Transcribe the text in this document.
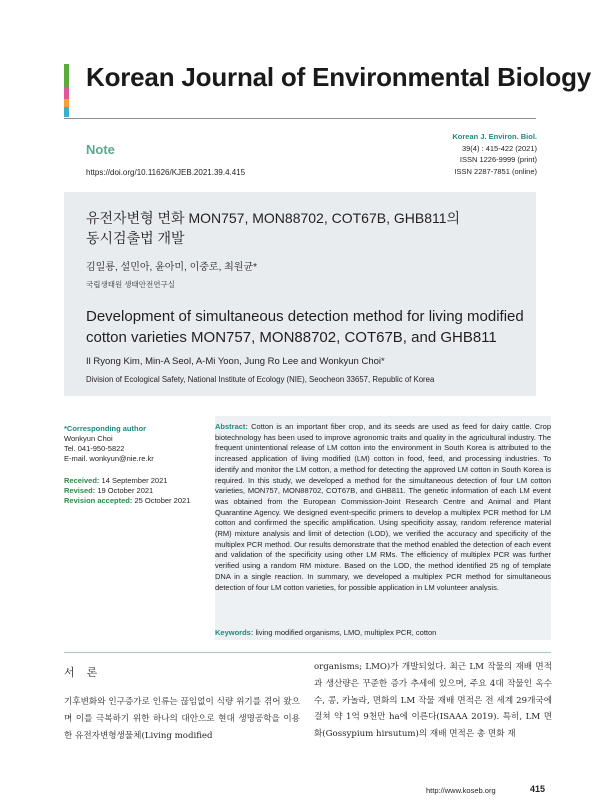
Korean Journal of Environmental Biology
Note
https://doi.org/10.11626/KJEB.2021.39.4.415
Korean J. Environ. Biol.
39(4) : 415-422 (2021)
ISSN 1226-9999 (print)
ISSN 2287-7851 (online)
유전자변형 면화 MON757, MON88702, COT67B, GHB811의
동시검출법 개발
김일룡, 설민아, 윤아미, 이중로, 최원균*
국립생태원 생태안전연구실
Development of simultaneous detection method for living modified
cotton varieties MON757, MON88702, COT67B, and GHB811
Il Ryong Kim, Min-A Seol, A-Mi Yoon, Jung Ro Lee and Wonkyun Choi*
Division of Ecological Safety, National Institute of Ecology (NIE), Seocheon 33657, Republic of Korea
*Corresponding author
Wonkyun Choi
Tel. 041-950-5822
E-mail. wonkyun@nie.re.kr
Received: 14 September 2021
Revised: 19 October 2021
Revision accepted: 25 October 2021
Abstract: Cotton is an important fiber crop, and its seeds are used as feed for dairy cattle. Crop biotechnology has been used to improve agronomic traits and quality in the agricultural industry. The frequent unintentional release of LM cotton into the environment in South Korea is attributed to the increased application of living modified (LM) cotton in food, feed, and processing industries. To identify and monitor the LM cotton, a method for detecting the approved LM cotton in South Korea is required. In this study, we developed a method for the simultaneous detection of four LM cotton varieties, MON757, MON88702, COT67B, and GHB811. The genetic information of each LM event was obtained from the European Commission-Joint Research Centre and Animal and Plant Quarantine Agency. We designed event-specific primers to develop a multiplex PCR method for LM cotton and confirmed the specific amplification. Using specificity assay, random reference material (RM) mixture analysis and limit of detection (LOD), we verified the accuracy and specificity of the multiplex PCR method. Our results demonstrate that the method enabled the detection of each event and validation of the specificity using other LM RMs. The efficiency of multiplex PCR was further verified using a random RM mixture. Based on the LOD, the method identified 25 ng of template DNA in a single reaction. In summary, we developed a multiplex PCR method for simultaneous detection of four LM cotton varieties, for possible application in LM volunteer analysis.
Keywords: living modified organisms, LMO, multiplex PCR, cotton
서론
기후변화와 인구증가로 인류는 끊임없이 식량 위기를 겪어 왔으며 이를 극복하기 위한 하나의 대안으로 현대 생명공학을 이용한 유전자변형생물체(Living modified
organisms; LMO)가 개발되었다. 최근 LM 작물의 재배 면적과 생산량은 꾸준한 증가 추세에 있으며, 주요 4대 작물인 옥수수, 콩, 카놀라, 면화의 LM 작물 재배 면적은 전 세계 29개국에 걸쳐 약 1억 9천만 ha에 이른다(ISAAA 2019). 특히, LM 면화(Gossypium hirsutum)의 재배 면적은 총 면화 재
http://www.koseb.org	415
